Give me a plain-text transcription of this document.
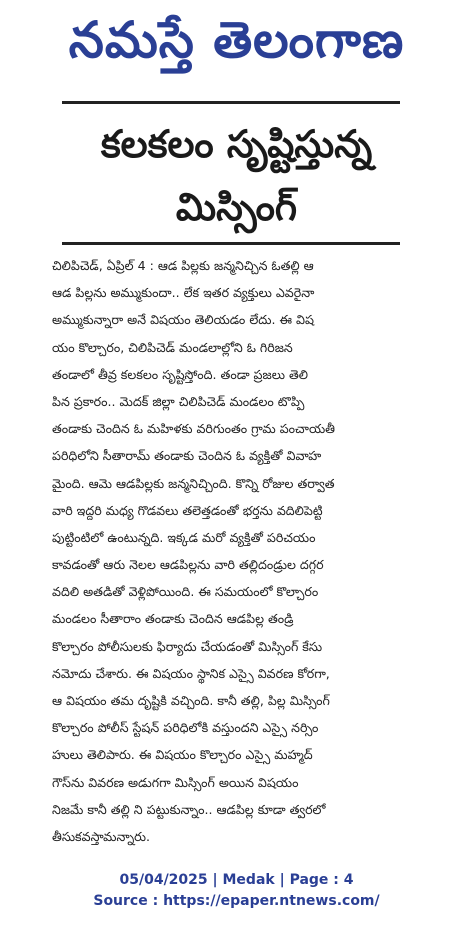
నమస్తే తెలంగాణ
కలకలం సృష్టిస్తున్న
మిస్సింగ్
చిలిపిచెడ్, ఏప్రిల్ 4 : ఆడ పిల్లకు జన్మనిచ్చిన ఓతల్లి ఆ
ఆడ పిల్లను అమ్ముకుందా.. లేక ఇతర వ్యక్తులు ఎవరైనా
అమ్ముకున్నారా అనే విషయం తెలియడం లేదు. ఈ విష
యం కొల్చారం, చిలిపిచెడ్ మండలాల్లోని ఓ గిరిజన
తండాలో తీవ్ర కలకలం సృష్టిస్తోంది. తండా ప్రజలు తెలి
పిన ప్రకారం.. మెదక్ జిల్లా చిలిపిచెడ్ మండలం టొప్పి
తండాకు చెందిన ఓ మహిళకు వరిగుంతం గ్రామ పంచాయతీ
పరిధిలోని సీతారామ్ తండాకు చెందిన ఓ వ్యక్తితో వివాహ
మైంది. ఆమె ఆడపిల్లకు జన్మనిచ్చింది. కొన్ని రోజుల తర్వాత
వారి ఇద్దరి మధ్య గొడవలు తలెత్తడంతో భర్తను వదిలిపెట్టి
పుట్టింటిలో ఉంటున్నది. ఇక్కడ మరో వ్యక్తితో పరిచయం
కావడంతో ఆరు నెలల ఆడపిల్లను వారి తల్లిదండ్రుల దగ్గర
వదిలి అతడితో వెళ్లిపోయింది. ఈ సమయంలో కొల్చారం
మండలం సీతారాం తండాకు చెందిన ఆడపిల్ల తండ్రి
కొల్చారం పోలీసులకు ఫిర్యాదు చేయడంతో మిస్సింగ్ కేసు
నమోదు చేశారు. ఈ విషయం స్థానిక ఎస్సై వివరణ కోరగా,
ఆ విషయం తమ దృష్టికి వచ్చింది. కానీ తల్లి, పిల్ల మిస్సింగ్
కొల్చారం పోలీస్ స్టేషన్ పరిధిలోకి వస్తుందని ఎస్సై నర్సిం
హులు తెలిపారు. ఈ విషయం కొల్చారం ఎస్సై మహ్మద్
గౌస్‌ను వివరణ అడుగగా మిస్సింగ్ అయిన విషయం
నిజమే కానీ తల్లి ని పట్టుకున్నాం.. ఆడపిల్ల కూడా త్వరలో
తీసుకవస్తామన్నారు.
05/04/2025 | Medak | Page : 4
Source : https://epaper.ntnews.com/
